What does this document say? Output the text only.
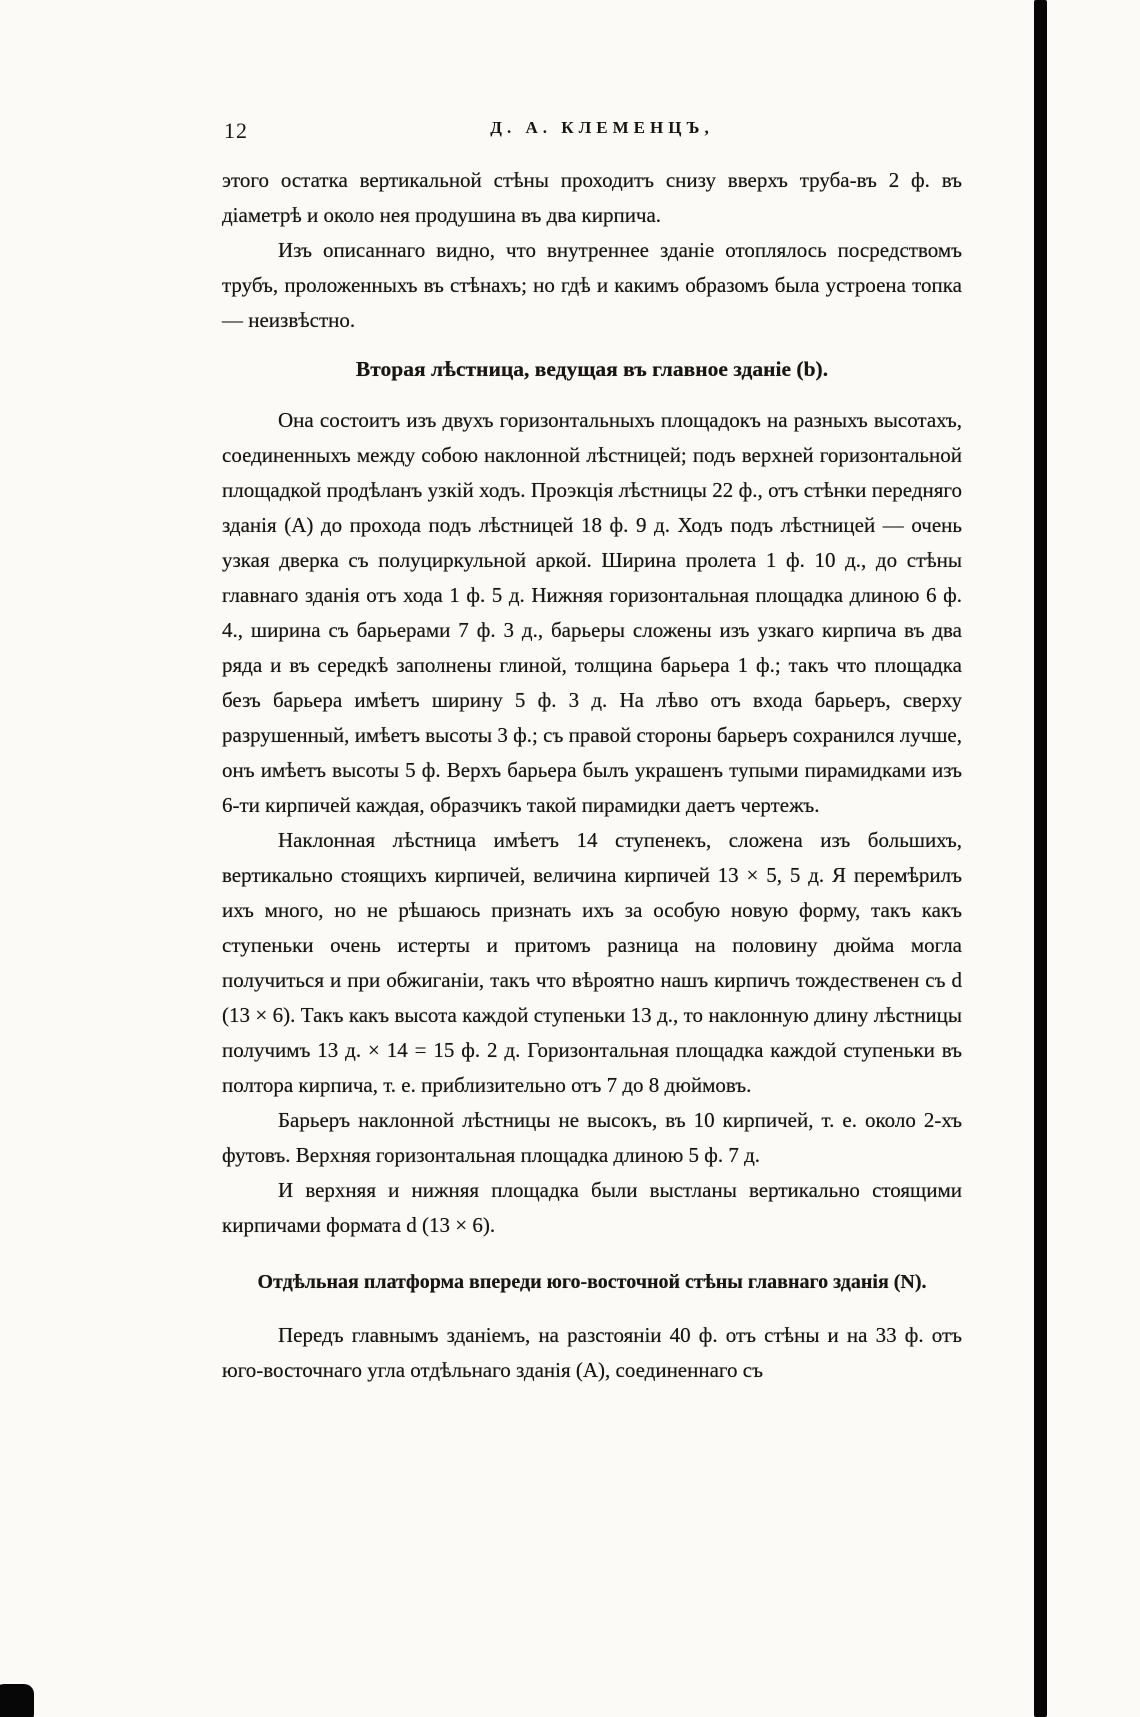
12	Д. А. КЛЕМЕНЦЪ,

этого остатка вертикальной стѣны проходитъ снизу вверхъ труба-въ 2 ф. въ діаметрѣ и около нея продушина въ два кирпича.

Изъ описаннаго видно, что внутреннее зданіе отоплялось посредствомъ трубъ, проложенныхъ въ стѣнахъ; но гдѣ и какимъ образомъ была устроена топка — неизвѣстно.

Вторая лѣстница, ведущая въ главное зданіе (b).

Она состоитъ изъ двухъ горизонтальныхъ площадокъ на разныхъ высотахъ, соединенныхъ между собою наклонной лѣстницей; подъ верхней горизонтальной площадкой продѣланъ узкій ходъ. Проэкція лѣстницы 22 ф., отъ стѣнки передняго зданія (A) до прохода подъ лѣстницей 18 ф. 9 д. Ходъ подъ лѣстницей — очень узкая дверка съ полуциркульной аркой. Ширина пролета 1 ф. 10 д., до стѣны главнаго зданія отъ хода 1 ф. 5 д. Нижняя горизонтальная площадка длиною 6 ф. 4., ширина съ барьерами 7 ф. 3 д., барьеры сложены изъ узкаго кирпича въ два ряда и въ середкѣ заполнены глиной, толщина барьера 1 ф.; такъ что площадка безъ барьера имѣетъ ширину 5 ф. 3 д. На лѣво отъ входа барьеръ, сверху разрушенный, имѣетъ высоты 3 ф.; съ правой стороны барьеръ сохранился лучше, онъ имѣетъ высоты 5 ф. Верхъ барьера былъ украшенъ тупыми пирамидками изъ 6-ти кирпичей каждая, образчикъ такой пирамидки даетъ чертежъ.

Наклонная лѣстница имѣетъ 14 ступенекъ, сложена изъ большихъ, вертикально стоящихъ кирпичей, величина кирпичей 13 × 5, 5 д. Я перемѣрилъ ихъ много, но не рѣшаюсь признать ихъ за особую новую форму, такъ какъ ступеньки очень истерты и притомъ разница на половину дюйма могла получиться и при обжиганіи, такъ что вѣроятно нашъ кирпичъ тождественен съ d (13 × 6). Такъ какъ высота каждой ступеньки 13 д., то наклонную длину лѣстницы получимъ 13 д. × 14 = 15 ф. 2 д. Горизонтальная площадка каждой ступеньки въ полтора кирпича, т. е. приблизительно отъ 7 до 8 дюймовъ.

Барьеръ наклонной лѣстницы не высокъ, въ 10 кирпичей, т. е. около 2-хъ футовъ. Верхняя горизонтальная площадка длиною 5 ф. 7 д.

И верхняя и нижняя площадка были выстланы вертикально стоящими кирпичами формата d (13 × 6).

Отдѣльная платформа впереди юго-восточной стѣны главнаго зданія (N).

Передъ главнымъ зданіемъ, на разстояніи 40 ф. отъ стѣны и на 33 ф. отъ юго-восточнаго угла отдѣльнаго зданія (A), соединеннаго съ
